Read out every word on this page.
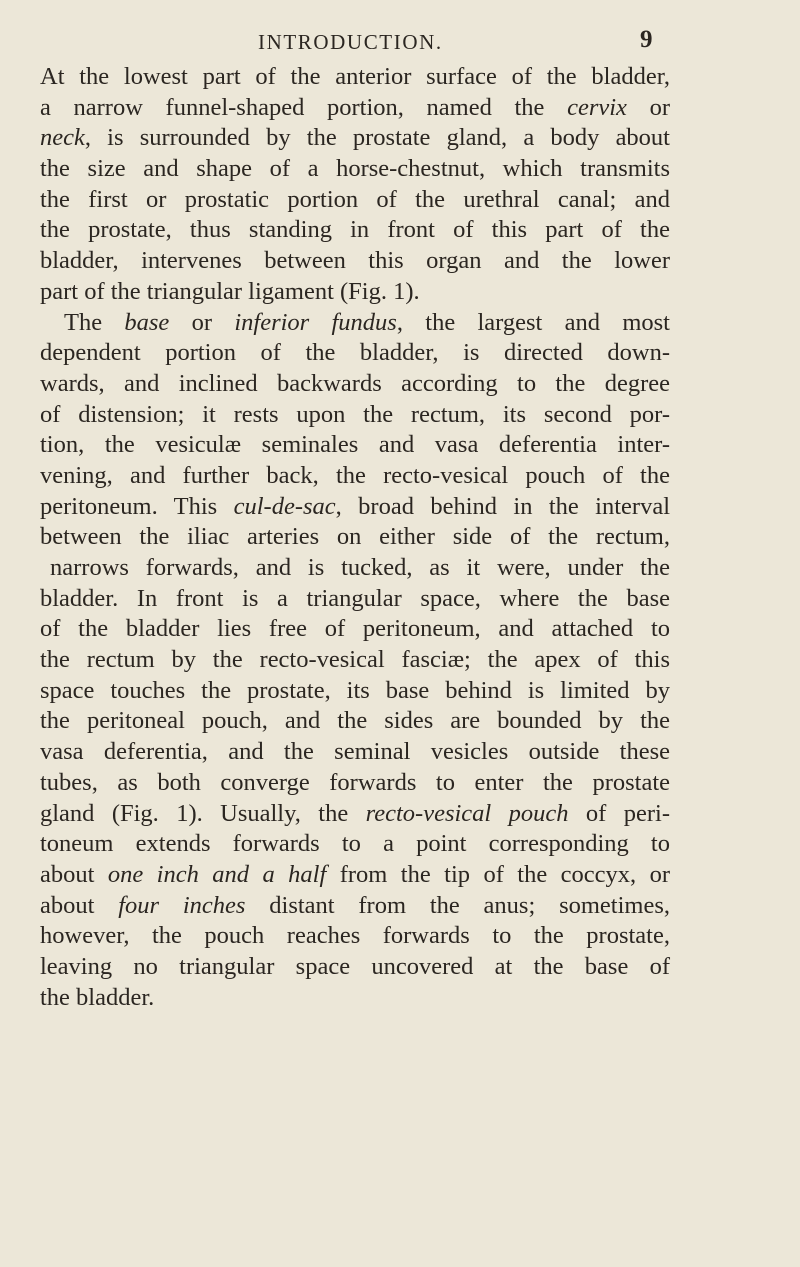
INTRODUCTION.	9
At the lowest part of the anterior surface of the bladder,
a narrow funnel-shaped portion, named the cervix or
neck, is surrounded by the prostate gland, a body about
the size and shape of a horse-chestnut, which transmits
the first or prostatic portion of the urethral canal; and
the prostate, thus standing in front of this part of the
bladder, intervenes between this organ and the lower
part of the triangular ligament (Fig. 1).
The base or inferior fundus, the largest and most
dependent portion of the bladder, is directed down-
wards, and inclined backwards according to the degree
of distension; it rests upon the rectum, its second por-
tion, the vesiculæ seminales and vasa deferentia inter-
vening, and further back, the recto-vesical pouch of the
peritoneum. This cul-de-sac, broad behind in the interval
between the iliac arteries on either side of the rectum,
narrows forwards, and is tucked, as it were, under the
bladder. In front is a triangular space, where the base
of the bladder lies free of peritoneum, and attached to
the rectum by the recto-vesical fasciæ; the apex of this
space touches the prostate, its base behind is limited by
the peritoneal pouch, and the sides are bounded by the
vasa deferentia, and the seminal vesicles outside these
tubes, as both converge forwards to enter the prostate
gland (Fig. 1). Usually, the recto-vesical pouch of peri-
toneum extends forwards to a point corresponding to
about one inch and a half from the tip of the coccyx, or
about four inches distant from the anus; sometimes,
however, the pouch reaches forwards to the prostate,
leaving no triangular space uncovered at the base of
the bladder.
